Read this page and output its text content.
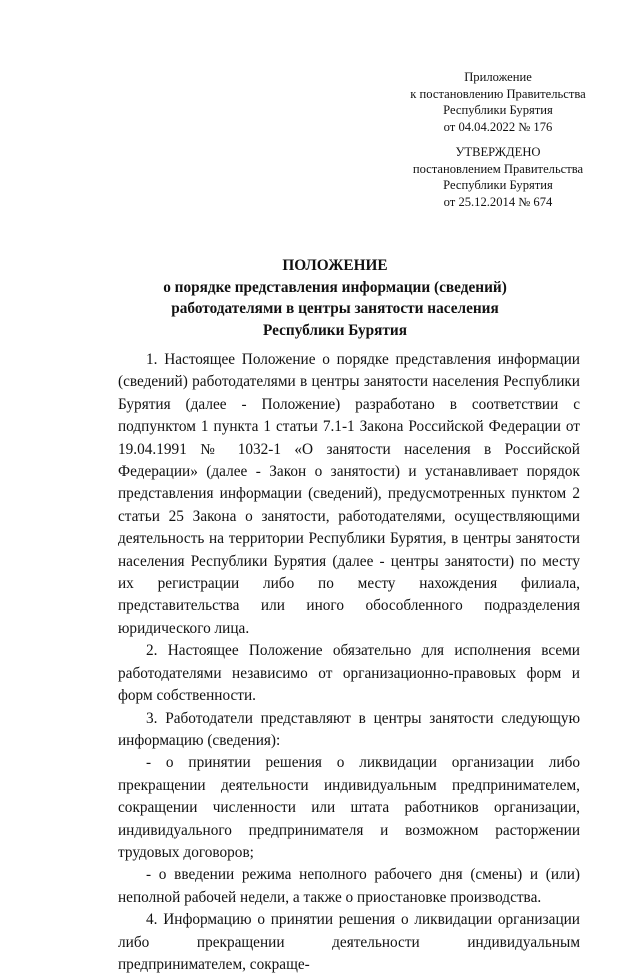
Приложение
к постановлению Правительства
Республики Бурятия
от 04.04.2022 № 176
УТВЕРЖДЕНО
постановлением Правительства
Республики Бурятия
от 25.12.2014 № 674
ПОЛОЖЕНИЕ
о порядке представления информации (сведений)
работодателями в центры занятости населения
Республики Бурятия

1. Настоящее Положение о порядке представления информации (сведений) работодателями в центры занятости населения Республики Бурятия (далее - Положение) разработано в соответствии с подпунктом 1 пункта 1 статьи 7.1-1 Закона Российской Федерации от 19.04.1991 № 1032-1 «О занятости населения в Российской Федерации» (далее - Закон о занятости) и устанавливает порядок представления информации (сведений), предусмотренных пунктом 2 статьи 25 Закона о занятости, работодателями, осуществляющими деятельность на территории Республики Бурятия, в центры занятости населения Республики Бурятия (далее - центры занятости) по месту их регистрации либо по месту нахождения филиала, представительства или иного обособленного подразделения юридического лица.

2. Настоящее Положение обязательно для исполнения всеми работодателями независимо от организационно-правовых форм и форм собственности.

3. Работодатели представляют в центры занятости следующую информацию (сведения):

- о принятии решения о ликвидации организации либо прекращении деятельности индивидуальным предпринимателем, сокращении численности или штата работников организации, индивидуального предпринимателя и возможном расторжении трудовых договоров;

- о введении режима неполного рабочего дня (смены) и (или) неполной рабочей недели, а также о приостановке производства.

4. Информацию о принятии решения о ликвидации организации либо прекращении деятельности индивидуальным предпринимателем, сокраще-
